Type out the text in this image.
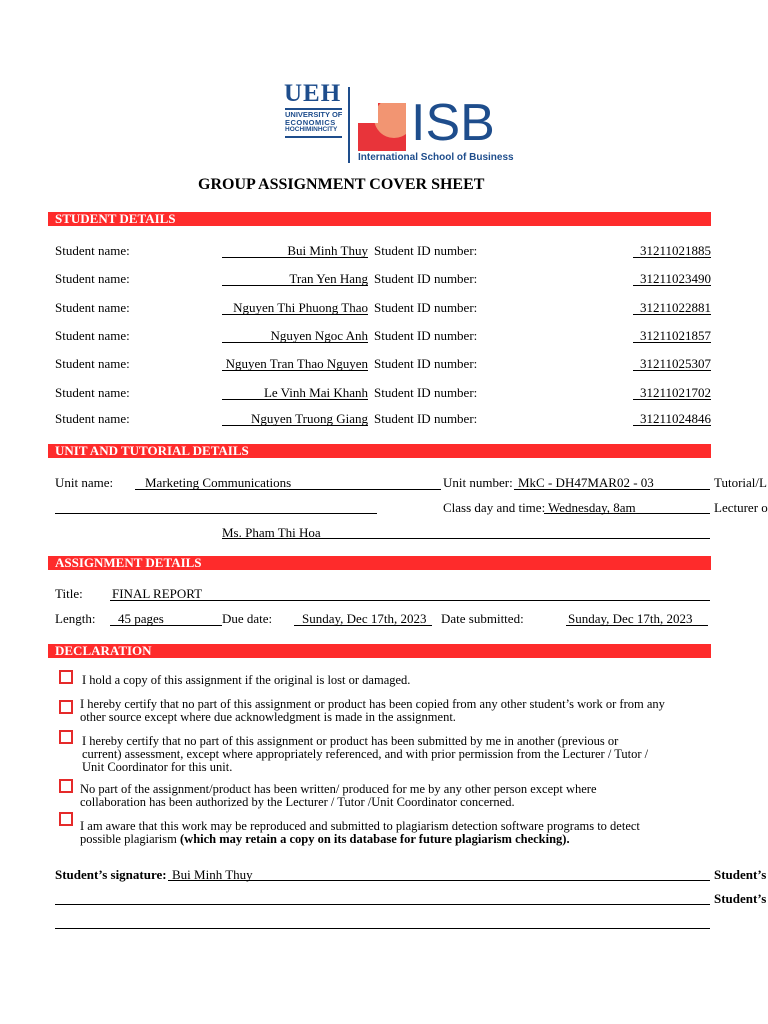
UEH
UNIVERSITY OF
ECONOMICS
HOCHIMINHCITY ISB
International School of Business
GROUP ASSIGNMENT COVER SHEET
STUDENT DETAILS
Student name:	Bui Minh Thuy Student ID number:	31211021885
Student name:	Tran Yen Hang Student ID number:	31211023490
Student name:	Nguyen Thi Phuong Thao Student ID number:	31211022881
Student name:	Nguyen Ngoc Anh Student ID number:	31211021857
Student name:	Nguyen Tran Thao Nguyen Student ID number:	31211025307
Student name:	Le Vinh Mai Khanh Student ID number:	31211021702
Student name:	Nguyen Truong Giang Student ID number:	31211024846
UNIT AND TUTORIAL DETAILS
Unit name: Marketing Communications	Unit number: MkC - DH47MAR02 - 03	Tutorial/L
Class day and time: Wednesday, 8am	Lecturer o
Ms. Pham Thi Hoa
ASSIGNMENT DETAILS
Title: FINAL REPORT
Length: 45 pages	Due date: Sunday, Dec 17th, 2023 Date submitted:	Sunday, Dec 17th, 2023
DECLARATION
I hold a copy of this assignment if the original is lost or damaged.
I hereby certify that no part of this assignment or product has been copied from any other student’s work or from any
other source except where due acknowledgment is made in the assignment.
I hereby certify that no part of this assignment or product has been submitted by me in another (previous or
current) assessment, except where appropriately referenced, and with prior permission from the Lecturer / Tutor /
Unit Coordinator for this unit.
No part of the assignment/product has been written/ produced for me by any other person except where
collaboration has been authorized by the Lecturer / Tutor /Unit Coordinator concerned.
I am aware that this work may be reproduced and submitted to plagiarism detection software programs to detect
possible plagiarism (which may retain a copy on its database for future plagiarism checking).
Student’s signature: Bui Minh Thuy	Student’s
Student’s
